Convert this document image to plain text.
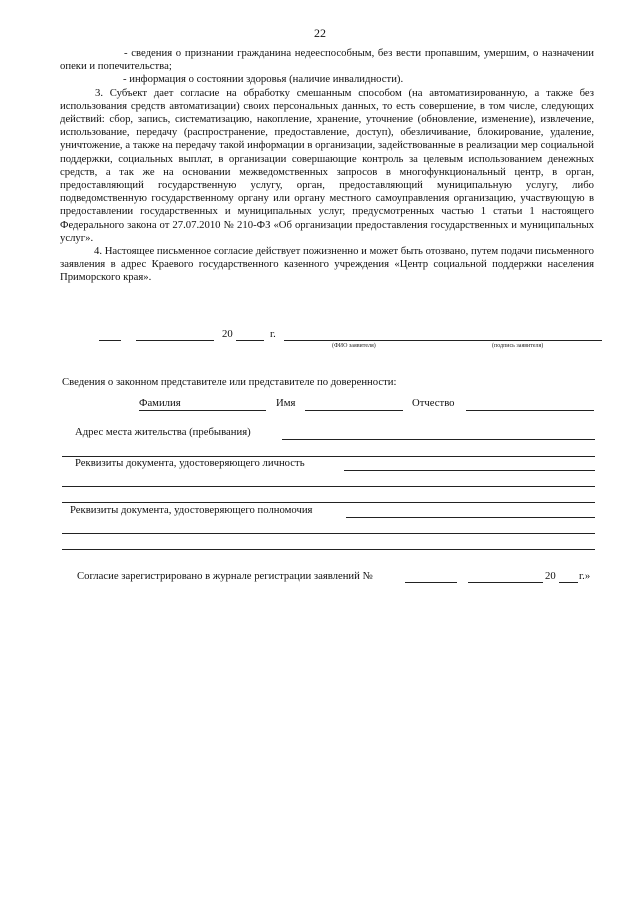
22

- сведения о признании гражданина недееспособным, без вести пропавшим, умершим, о назначении опеки и попечительства;

- информация о состоянии здоровья (наличие инвалидности).

3. Субъект дает согласие на обработку смешанным способом (на автоматизированную, а также без использования средств автоматизации) своих персональных данных, то есть совершение, в том числе, следующих действий: сбор, запись, систематизацию, накопление, хранение, уточнение (обновление, изменение), извлечение, использование, передачу (распространение, предоставление, доступ), обезличивание, блокирование, удаление, уничтожение, а также на передачу такой информации в организации, задействованные в реализации мер социальной поддержки, социальных выплат, в организации совершающие контроль за целевым использованием денежных средств, а так же на основании межведомственных запросов в многофункциональный центр, в орган, предоставляющий государственную услугу, орган, предоставляющий муниципальную услугу, либо подведомственную государственному органу или органу местного самоуправления организацию, участвующую в предоставлении государственных и муниципальных услуг, предусмотренных частью 1 статьи 1 настоящего Федерального закона от 27.07.2010 № 210-ФЗ «Об организации предоставления государственных и муниципальных услуг».

4. Настоящее письменное согласие действует пожизненно и может быть отозвано, путем подачи письменного заявления в адрес Краевого государственного казенного учреждения «Центр социальной поддержки населения Приморского края».

20	г.
(ФИО заявителя)	(подпись заявителя)
Сведения о законном представителе или представителе по доверенности:
Фамилия	Имя	Отчество
Адрес места жительства (пребывания)
Реквизиты документа, удостоверяющего личность
Реквизиты документа, удостоверяющего полномочия
Согласие зарегистрировано в журнале регистрации заявлений №	20 г.»
